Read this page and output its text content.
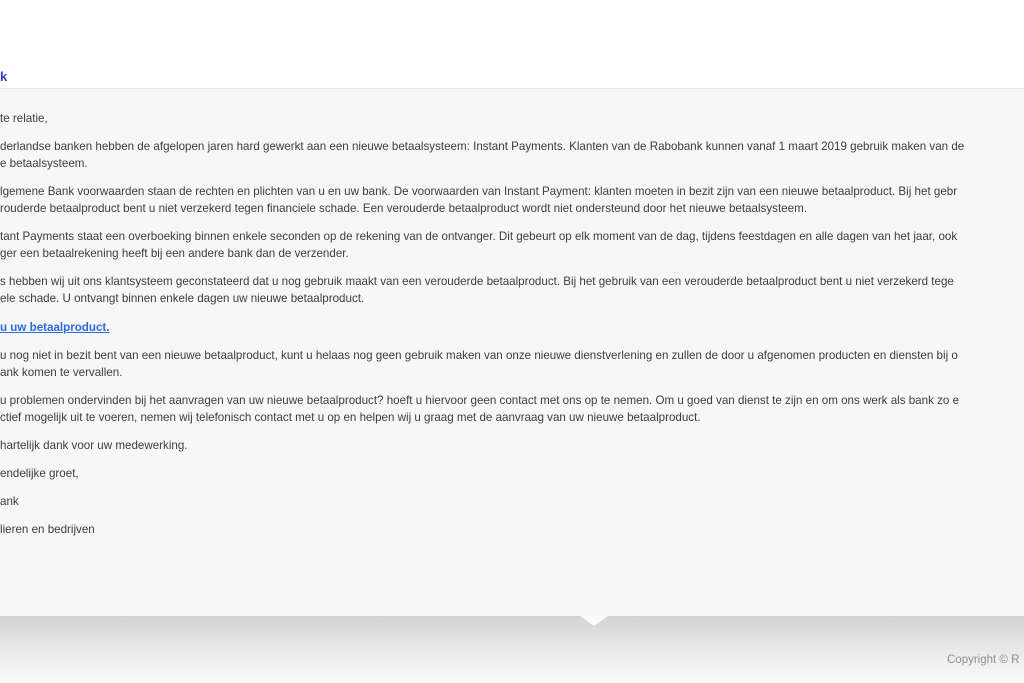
k
te relatie,
derlandse banken hebben de afgelopen jaren hard gewerkt aan een nieuwe betaalsysteem: Instant Payments. Klanten van de Rabobank kunnen vanaf 1 maart 2019 gebruik maken van de
e betaalsysteem.
lgemene Bank voorwaarden staan de rechten en plichten van u en uw bank. De voorwaarden van Instant Payment: klanten moeten in bezit zijn van een nieuwe betaalproduct. Bij het gebr
rouderde betaalproduct bent u niet verzekerd tegen financiele schade. Een verouderde betaalproduct wordt niet ondersteund door het nieuwe betaalsysteem.
tant Payments staat een overboeking binnen enkele seconden op de rekening van de ontvanger. Dit gebeurt op elk moment van de dag, tijdens feestdagen en alle dagen van het jaar, ook
ger een betaalrekening heeft bij een andere bank dan de verzender.
s hebben wij uit ons klantsysteem geconstateerd dat u nog gebruik maakt van een verouderde betaalproduct. Bij het gebruik van een verouderde betaalproduct bent u niet verzekerd tege
ele schade. U ontvangt binnen enkele dagen uw nieuwe betaalproduct.
u uw betaalproduct.
u nog niet in bezit bent van een nieuwe betaalproduct, kunt u helaas nog geen gebruik maken van onze nieuwe dienstverlening en zullen de door u afgenomen producten en diensten bij o
ank komen te vervallen.
u problemen ondervinden bij het aanvragen van uw nieuwe betaalproduct? hoeft u hiervoor geen contact met ons op te nemen. Om u goed van dienst te zijn en om ons werk als bank zo e
ctief mogelijk uit te voeren, nemen wij telefonisch contact met u op en helpen wij u graag met de aanvraag van uw nieuwe betaalproduct.
hartelijk dank voor uw medewerking.
endelijke groet,
ank
lieren en bedrijven
Copyright © R
